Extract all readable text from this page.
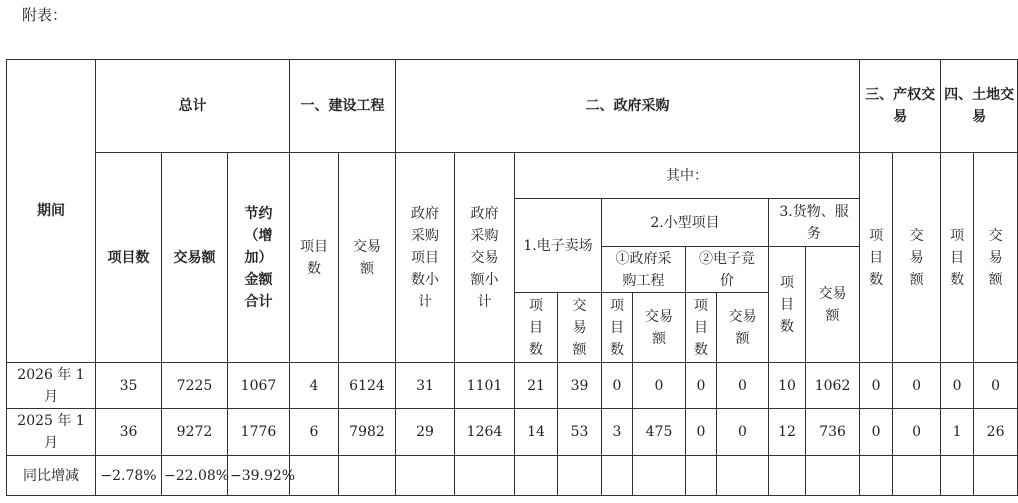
附表：
期间	总计			一、建设工程		二、政府采购										三、产权交易		四、土地交易	
	项目数	交易额	节约（增加）金额合计	项目数	交易额	政府采购项目数小计	政府采购交易额小计	其中：								项目数	交易额	项目数	交易额
								1.电子卖场		2.小型项目				3.货物、服务					
										①政府采购工程		②电子竞价		项目数	交易额				
								项目数	交易额	项目数	交易额	项目数	交易额						
2026 年 1 月	35	7225	1067	4	6124	31	1101	21	39	0	0	0	0	10	1062	0	0	0	0
2025 年 1 月	36	9272	1776	6	7982	29	1264	14	53	3	475	0	0	12	736	0	0	1	26
同比增减	−2.78%	−22.08%	−39.92%																
